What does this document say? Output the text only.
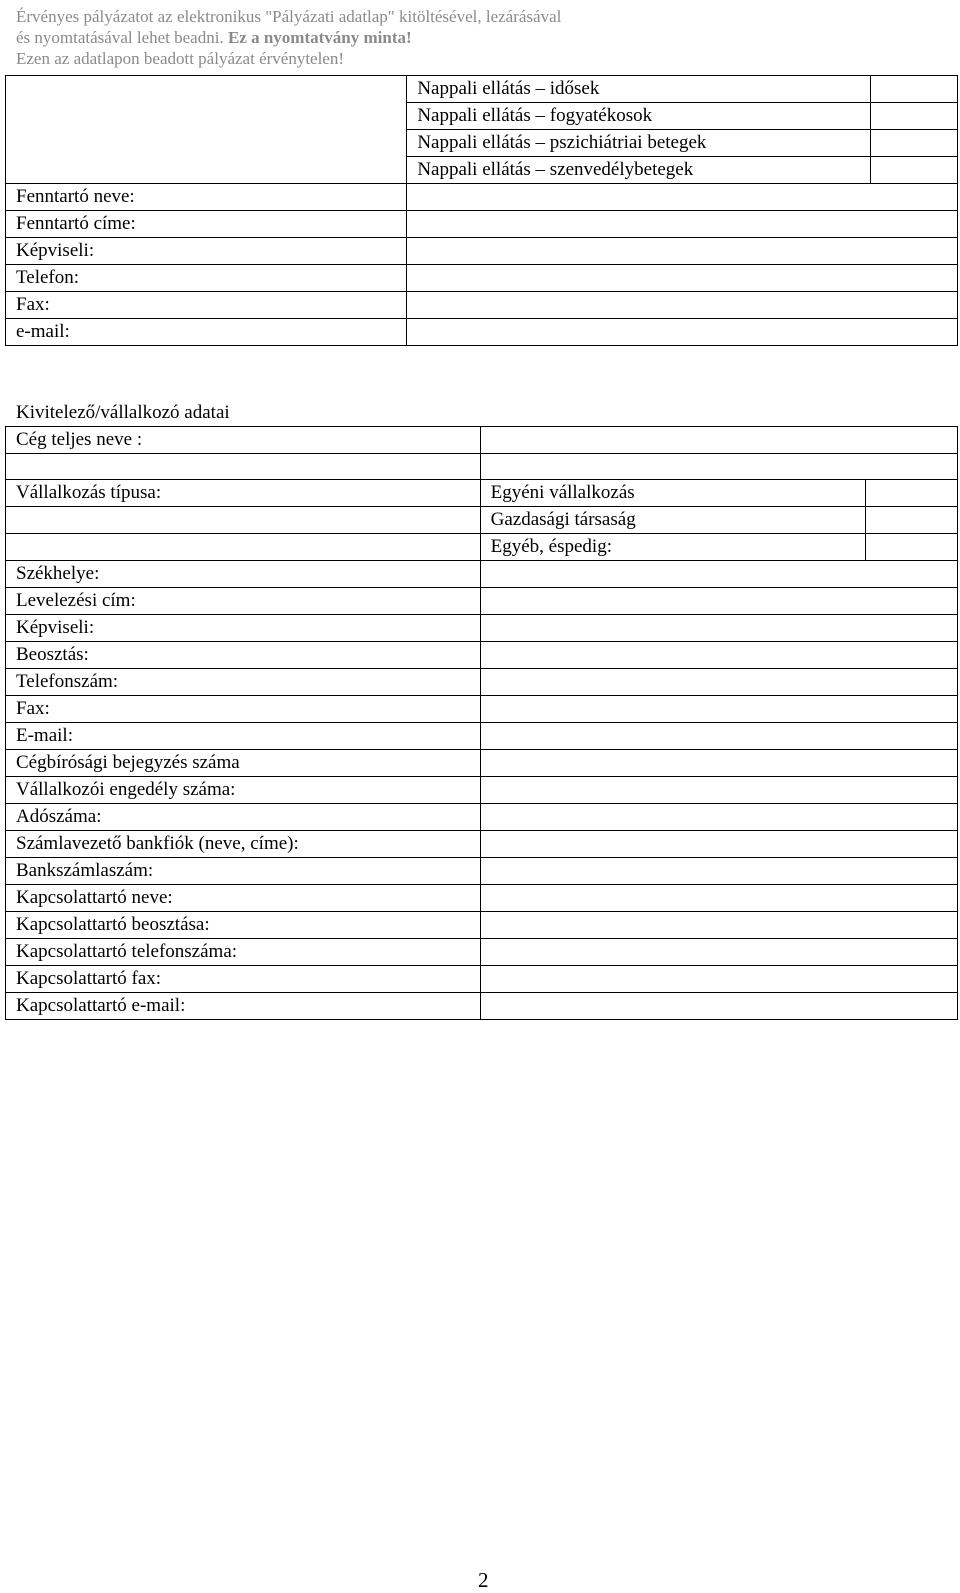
Érvényes pályázatot az elektronikus "Pályázati adatlap" kitöltésével, lezárásával
és nyomtatásával lehet beadni. Ez a nyomtatvány minta!
Ezen az adatlapon beadott pályázat érvénytelen!
	Nappali ellátás – idősek	
	Nappali ellátás – fogyatékosok	
	Nappali ellátás – pszichiátriai betegek	
	Nappali ellátás – szenvedélybetegek	
Fenntartó neve:		
Fenntartó címe:		
Képviseli:		
Telefon:		
Fax:		
e-mail:		
Kivitelező/vállalkozó adatai
Cég teljes neve :		

Vállalkozás típusa:	Egyéni vállalkozás	
	Gazdasági társaság	
	Egyéb, éspedig:	
Székhelye:		
Levelezési cím:		
Képviseli:		
Beosztás:		
Telefonszám:		
Fax:		
E-mail:		
Cégbírósági bejegyzés száma		
Vállalkozói engedély száma:		
Adószáma:		
Számlavezető bankfiók (neve, címe):		
Bankszámlaszám:		
Kapcsolattartó neve:		
Kapcsolattartó beosztása:		
Kapcsolattartó telefonszáma:		
Kapcsolattartó fax:		
Kapcsolattartó e-mail:		
2
